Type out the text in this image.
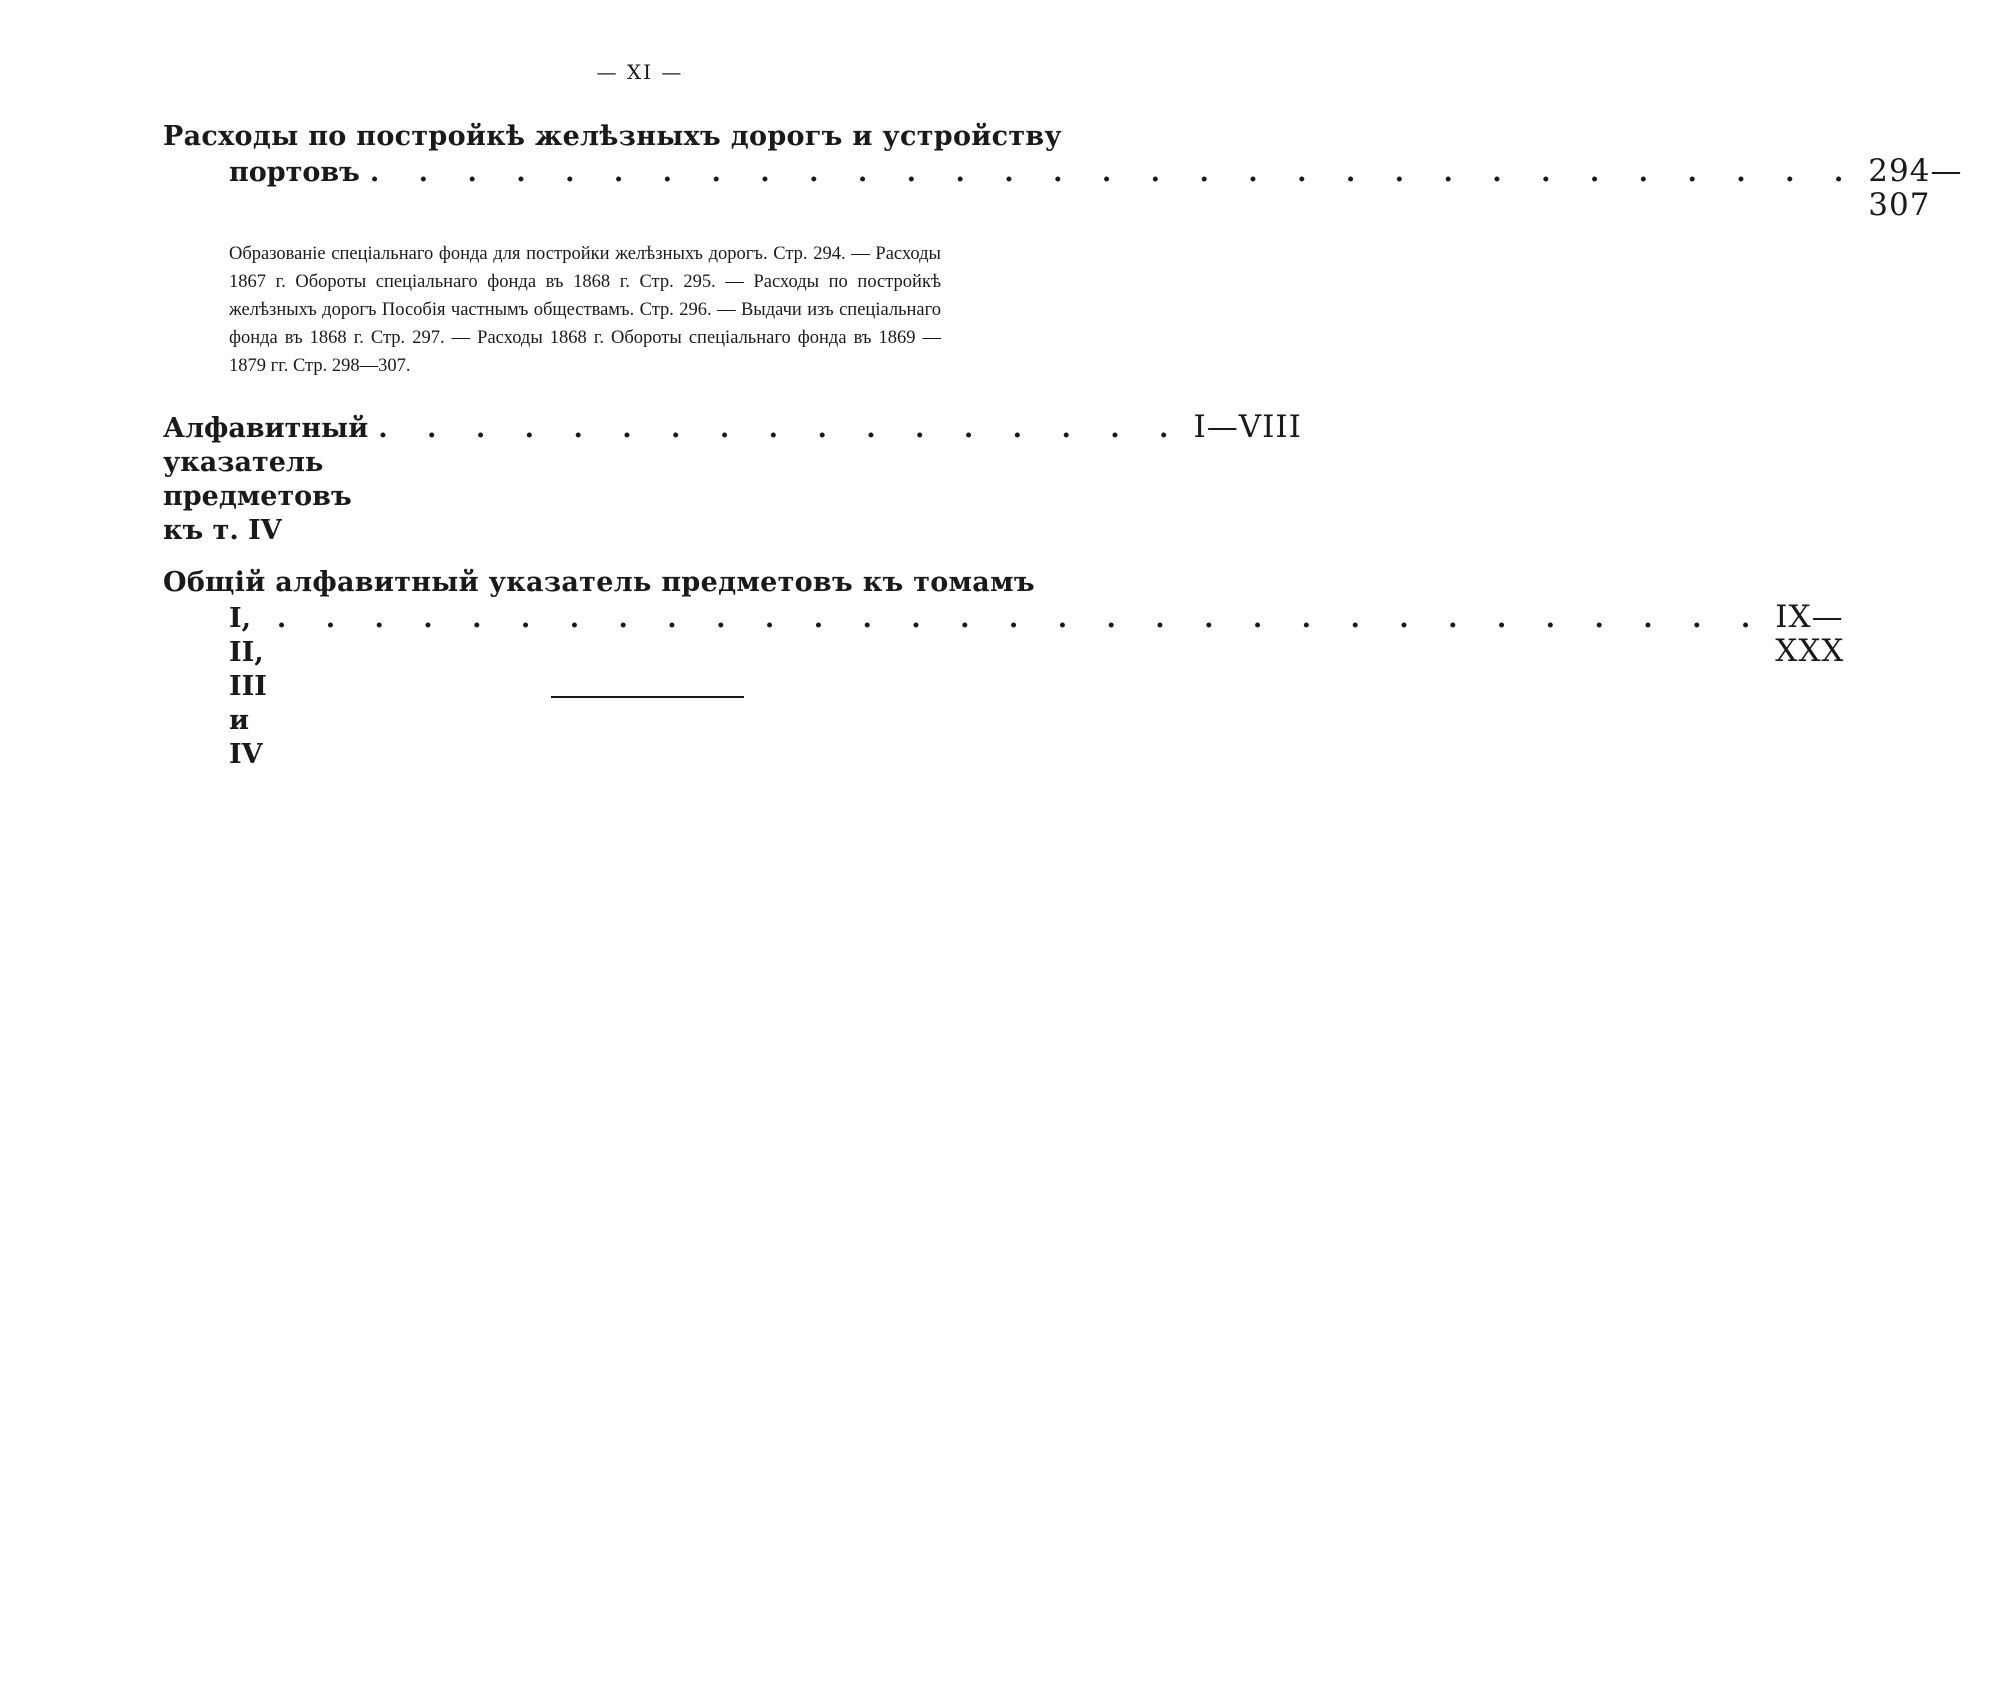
— XI —
Расходы по постройкѣ желѣзныхъ дорогъ и устройству
портовъ . . . . . . . . . . . . . . . . . . . . . . . . . . . . . . . 294—307
Образованіе спеціальнаго фонда для постройки желѣзныхъ дорогъ. Стр. 294. — Расходы 1867 г. Обороты спеціальнаго фонда въ 1868 г. Стр. 295. — Расходы по постройкѣ желѣзныхъ дорогъ Пособія частнымъ обществамъ. Стр. 296. — Выдачи изъ спеціальнаго фонда въ 1868 г. Стр. 297. — Расходы 1868 г. Обороты спеціальнаго фонда въ 1869 — 1879 гг. Стр. 298—307.
Алфавитный указатель предметовъ къ т. IV
. . . . . . . . . . . . . . . . . I—VIII
Общій алфавитный указатель предметовъ къ томамъ
I, II, III и IV
. . . . . . . . . . . . . . . . . . . . . . . . . . . . . . . IX—XXX
